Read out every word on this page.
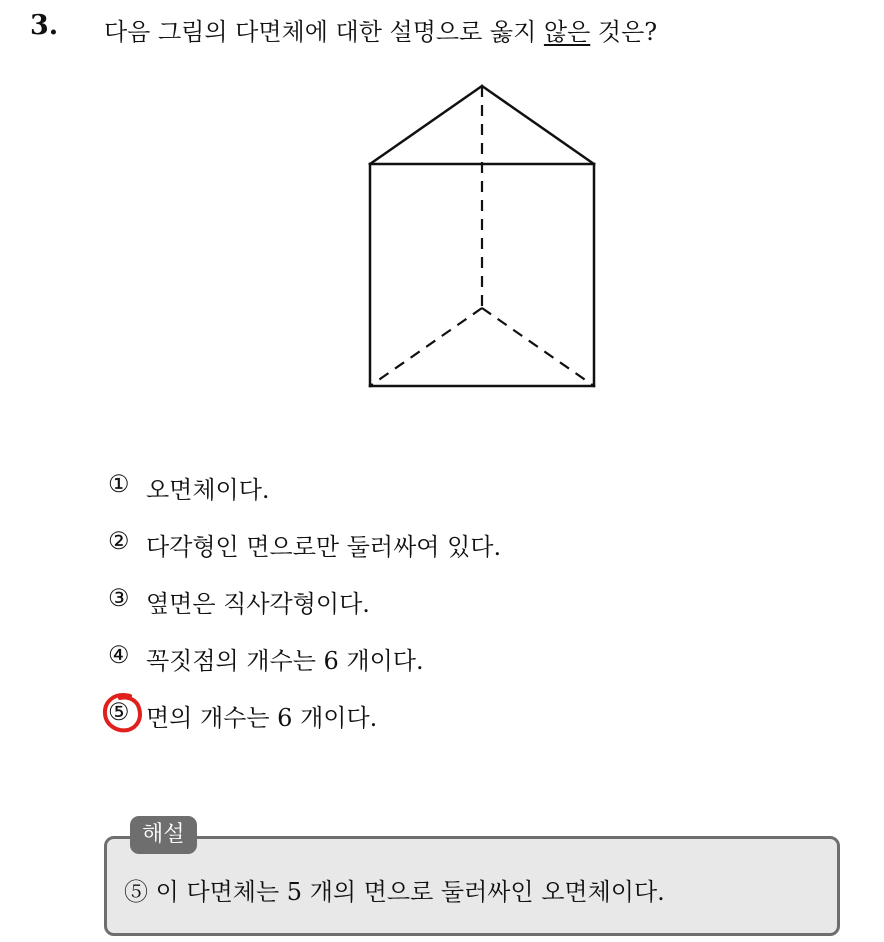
3. 다음 그림의 다면체에 대한 설명으로 옳지 않은 것은?
① 오면체이다.
② 다각형인 면으로만 둘러싸여 있다.
③ 옆면은 직사각형이다.
④ 꼭짓점의 개수는 6 개이다.
⑤ 면의 개수는 6 개이다.
해설
⑤ 이 다면체는 5 개의 면으로 둘러싸인 오면체이다.
